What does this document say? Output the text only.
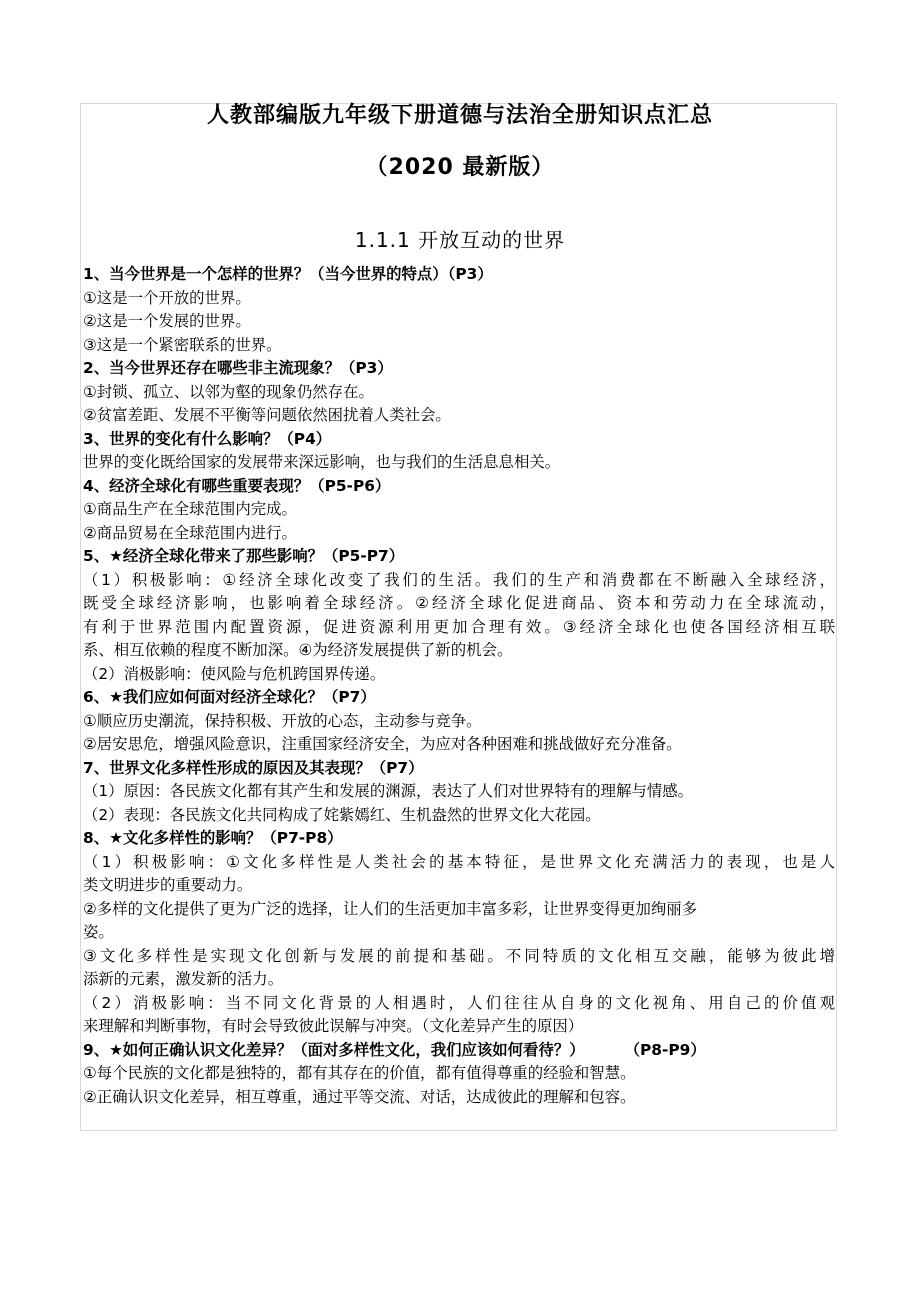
人教部编版九年级下册道德与法治全册知识点汇总
（2020 最新版）
1.1.1 开放互动的世界
1、当今世界是一个怎样的世界？（当今世界的特点）（P3）
①这是一个开放的世界。
②这是一个发展的世界。
③这是一个紧密联系的世界。
2、当今世界还存在哪些非主流现象？（P3）
①封锁、孤立、以邻为壑的现象仍然存在。
②贫富差距、发展不平衡等问题依然困扰着人类社会。
3、世界的变化有什么影响？（P4）
世界的变化既给国家的发展带来深远影响，也与我们的生活息息相关。
4、经济全球化有哪些重要表现？（P5-P6）
①商品生产在全球范围内完成。
②商品贸易在全球范围内进行。
5、★经济全球化带来了那些影响？（P5-P7）
（1）积极影响：①经济全球化改变了我们的生活。我们的生产和消费都在不断融入全球经济，
既受全球经济影响，也影响着全球经济。②经济全球化促进商品、资本和劳动力在全球流动，
有利于世界范围内配置资源，促进资源利用更加合理有效。③经济全球化也使各国经济相互联
系、相互依赖的程度不断加深。④为经济发展提供了新的机会。
（2）消极影响：使风险与危机跨国界传递。
6、★我们应如何面对经济全球化？（P7）
①顺应历史潮流，保持积极、开放的心态，主动参与竞争。
②居安思危，增强风险意识，注重国家经济安全，为应对各种困难和挑战做好充分准备。
7、世界文化多样性形成的原因及其表现？（P7）
（1）原因：各民族文化都有其产生和发展的渊源，表达了人们对世界特有的理解与情感。
（2）表现：各民族文化共同构成了姹紫嫣红、生机盎然的世界文化大花园。
8、★文化多样性的影响？（P7-P8）
（1）积极影响：①文化多样性是人类社会的基本特征，是世界文化充满活力的表现，也是人
类文明进步的重要动力。
②多样的文化提供了更为广泛的选择，让人们的生活更加丰富多彩，让世界变得更加绚丽多
姿。
③文化多样性是实现文化创新与发展的前提和基础。不同特质的文化相互交融，能够为彼此增
添新的元素，激发新的活力。
（2）消极影响：当不同文化背景的人相遇时，人们往往从自身的文化视角、用自己的价值观
来理解和判断事物，有时会导致彼此误解与冲突。（文化差异产生的原因）
9、★如何正确认识文化差异？（面对多样性文化，我们应该如何看待？）	（P8-P9）
①每个民族的文化都是独特的，都有其存在的价值，都有值得尊重的经验和智慧。
②正确认识文化差异，相互尊重，通过平等交流、对话，达成彼此的理解和包容。
